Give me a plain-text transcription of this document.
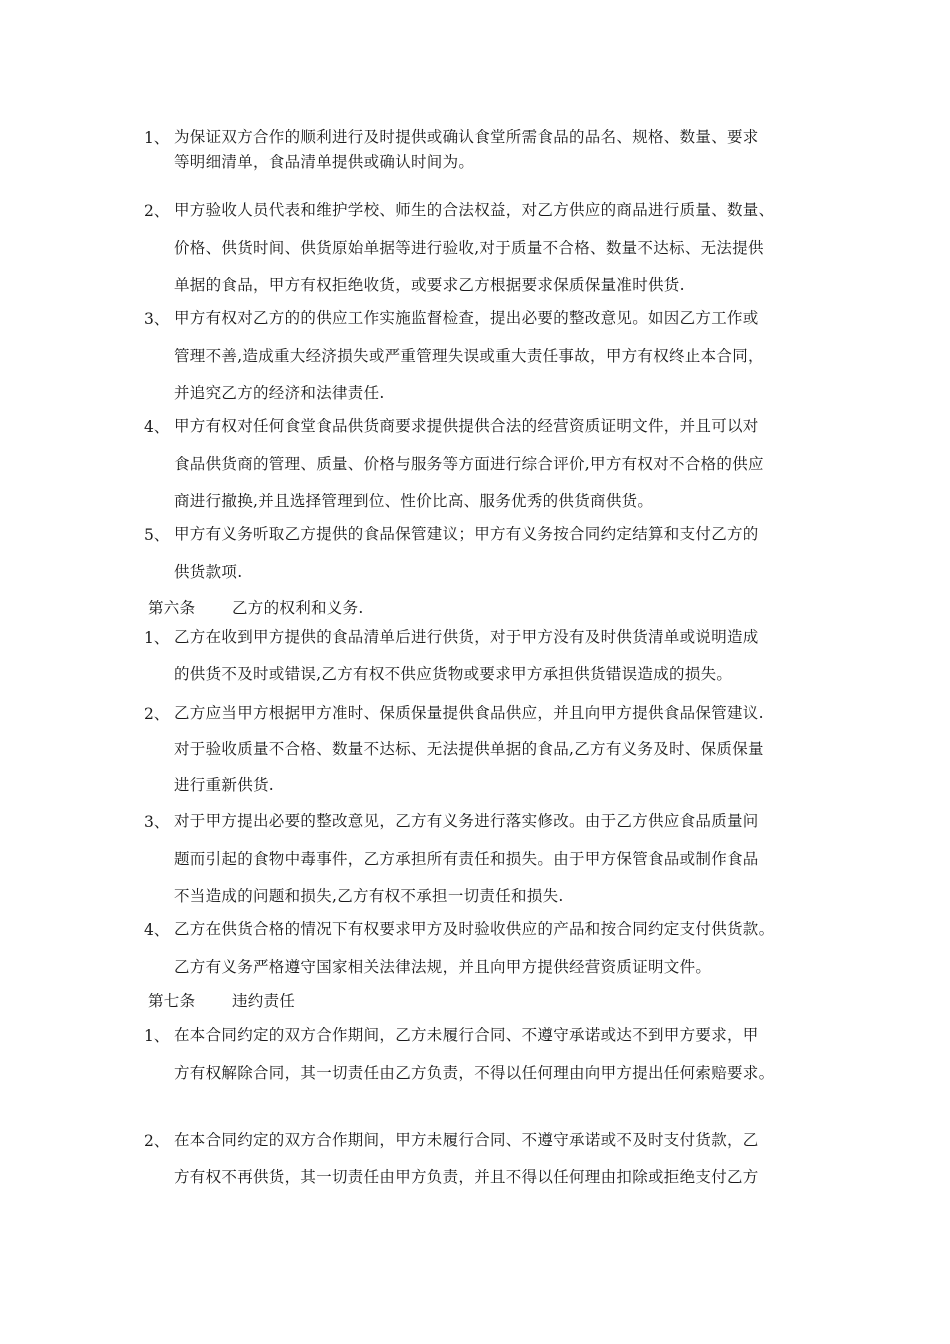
1、 为保证双方合作的顺利进行及时提供或确认食堂所需食品的品名、规格、数量、要求
等明细清单，食品清单提供或确认时间为。
2、 甲方验收人员代表和维护学校、师生的合法权益，对乙方供应的商品进行质量、数量、
价格、供货时间、供货原始单据等进行验收,对于质量不合格、数量不达标、无法提供
单据的食品，甲方有权拒绝收货，或要求乙方根据要求保质保量准时供货.
3、 甲方有权对乙方的的供应工作实施监督检查，提出必要的整改意见。如因乙方工作或
管理不善,造成重大经济损失或严重管理失误或重大责任事故，甲方有权终止本合同，
并追究乙方的经济和法律责任.
4、 甲方有权对任何食堂食品供货商要求提供提供合法的经营资质证明文件，并且可以对
食品供货商的管理、质量、价格与服务等方面进行综合评价,甲方有权对不合格的供应
商进行撤换,并且选择管理到位、性价比高、服务优秀的供货商供货。
5、 甲方有义务听取乙方提供的食品保管建议；甲方有义务按合同约定结算和支付乙方的
供货款项.
第六条 乙方的权利和义务.
1、 乙方在收到甲方提供的食品清单后进行供货，对于甲方没有及时供货清单或说明造成
的供货不及时或错误,乙方有权不供应货物或要求甲方承担供货错误造成的损失。
2、 乙方应当甲方根据甲方准时、保质保量提供食品供应，并且向甲方提供食品保管建议.
对于验收质量不合格、数量不达标、无法提供单据的食品,乙方有义务及时、保质保量
进行重新供货.
3、 对于甲方提出必要的整改意见，乙方有义务进行落实修改。由于乙方供应食品质量问
题而引起的食物中毒事件，乙方承担所有责任和损失。由于甲方保管食品或制作食品
不当造成的问题和损失,乙方有权不承担一切责任和损失.
4、 乙方在供货合格的情况下有权要求甲方及时验收供应的产品和按合同约定支付供货款。
乙方有义务严格遵守国家相关法律法规，并且向甲方提供经营资质证明文件。
第七条 违约责任
1、 在本合同约定的双方合作期间，乙方未履行合同、不遵守承诺或达不到甲方要求，甲
方有权解除合同，其一切责任由乙方负责，不得以任何理由向甲方提出任何索赔要求。
2、 在本合同约定的双方合作期间，甲方未履行合同、不遵守承诺或不及时支付货款，乙
方有权不再供货，其一切责任由甲方负责，并且不得以任何理由扣除或拒绝支付乙方
